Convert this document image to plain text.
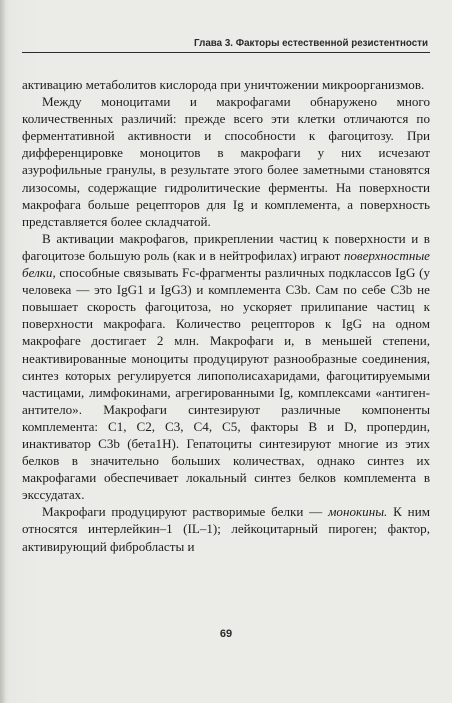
Глава 3. Факторы естественной резистентности

активацию метаболитов кислорода при уничтожении микроорганизмов.

Между моноцитами и макрофагами обнаружено много количественных различий: прежде всего эти клетки отличаются по ферментативной активности и способности к фагоцитозу. При дифференцировке моноцитов в макрофаги у них исчезают азурофильные гранулы, в результате этого более заметными становятся лизосомы, содержащие гидролитические ферменты. На поверхности макрофага больше рецепторов для Ig и комплемента, а поверхность представляется более складчатой.

В активации макрофагов, прикреплении частиц к поверхности и в фагоцитозе большую роль (как и в нейтрофилах) играют поверхностные белки, способные связывать Fc-фрагменты различных подклассов IgG (у человека — это IgG1 и IgG3) и комплемента C3b. Сам по себе C3b не повышает скорость фагоцитоза, но ускоряет прилипание частиц к поверхности макрофага. Количество рецепторов к IgG на одном макрофаге достигает 2 млн. Макрофаги и, в меньшей степени, неактивированные моноциты продуцируют разнообразные соединения, синтез которых регулируется липополисахаридами, фагоцитируемыми частицами, лимфокинами, агрегированными Ig, комплексами «антиген-антитело». Макрофаги синтезируют различные компоненты комплемента: C1, C2, C3, C4, C5, факторы В и D, пропердин, инактиватор C3b (бета1H). Гепатоциты синтезируют многие из этих белков в значительно больших количествах, однако синтез их макрофагами обеспечивает локальный синтез белков комплемента в экссудатах.

Макрофаги продуцируют растворимые белки — монокины. К ним относятся интерлейкин–1 (IL–1); лейкоцитарный пироген; фактор, активирующий фибробласты и

69
